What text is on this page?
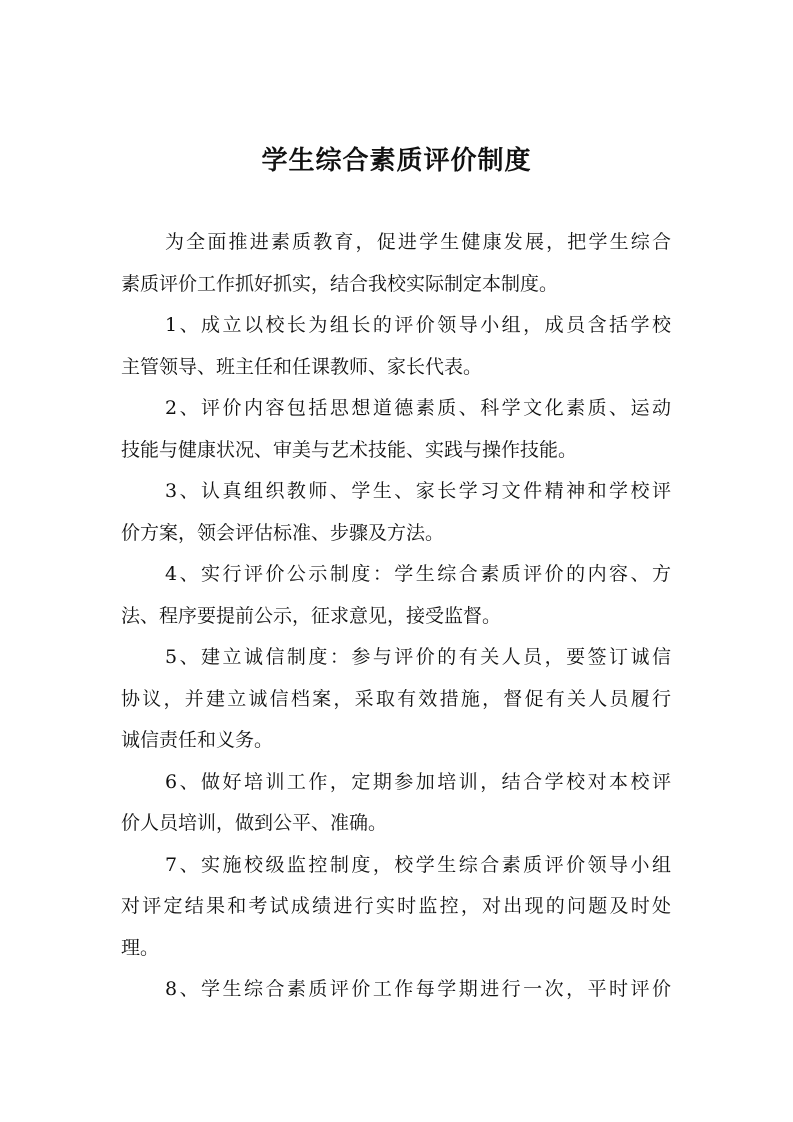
学生综合素质评价制度
为全面推进素质教育，促进学生健康发展，把学生综合
素质评价工作抓好抓实，结合我校实际制定本制度。
1、成立以校长为组长的评价领导小组，成员含括学校
主管领导、班主任和任课教师、家长代表。
2、评价内容包括思想道德素质、科学文化素质、运动
技能与健康状况、审美与艺术技能、实践与操作技能。
3、认真组织教师、学生、家长学习文件精神和学校评
价方案，领会评估标准、步骤及方法。
4、实行评价公示制度：学生综合素质评价的内容、方
法、程序要提前公示，征求意见，接受监督。
5、建立诚信制度：参与评价的有关人员，要签订诚信
协议，并建立诚信档案，采取有效措施，督促有关人员履行
诚信责任和义务。
6、做好培训工作，定期参加培训，结合学校对本校评
价人员培训，做到公平、准确。
7、实施校级监控制度，校学生综合素质评价领导小组
对评定结果和考试成绩进行实时监控，对出现的问题及时处
理。
8、学生综合素质评价工作每学期进行一次，平时评价
